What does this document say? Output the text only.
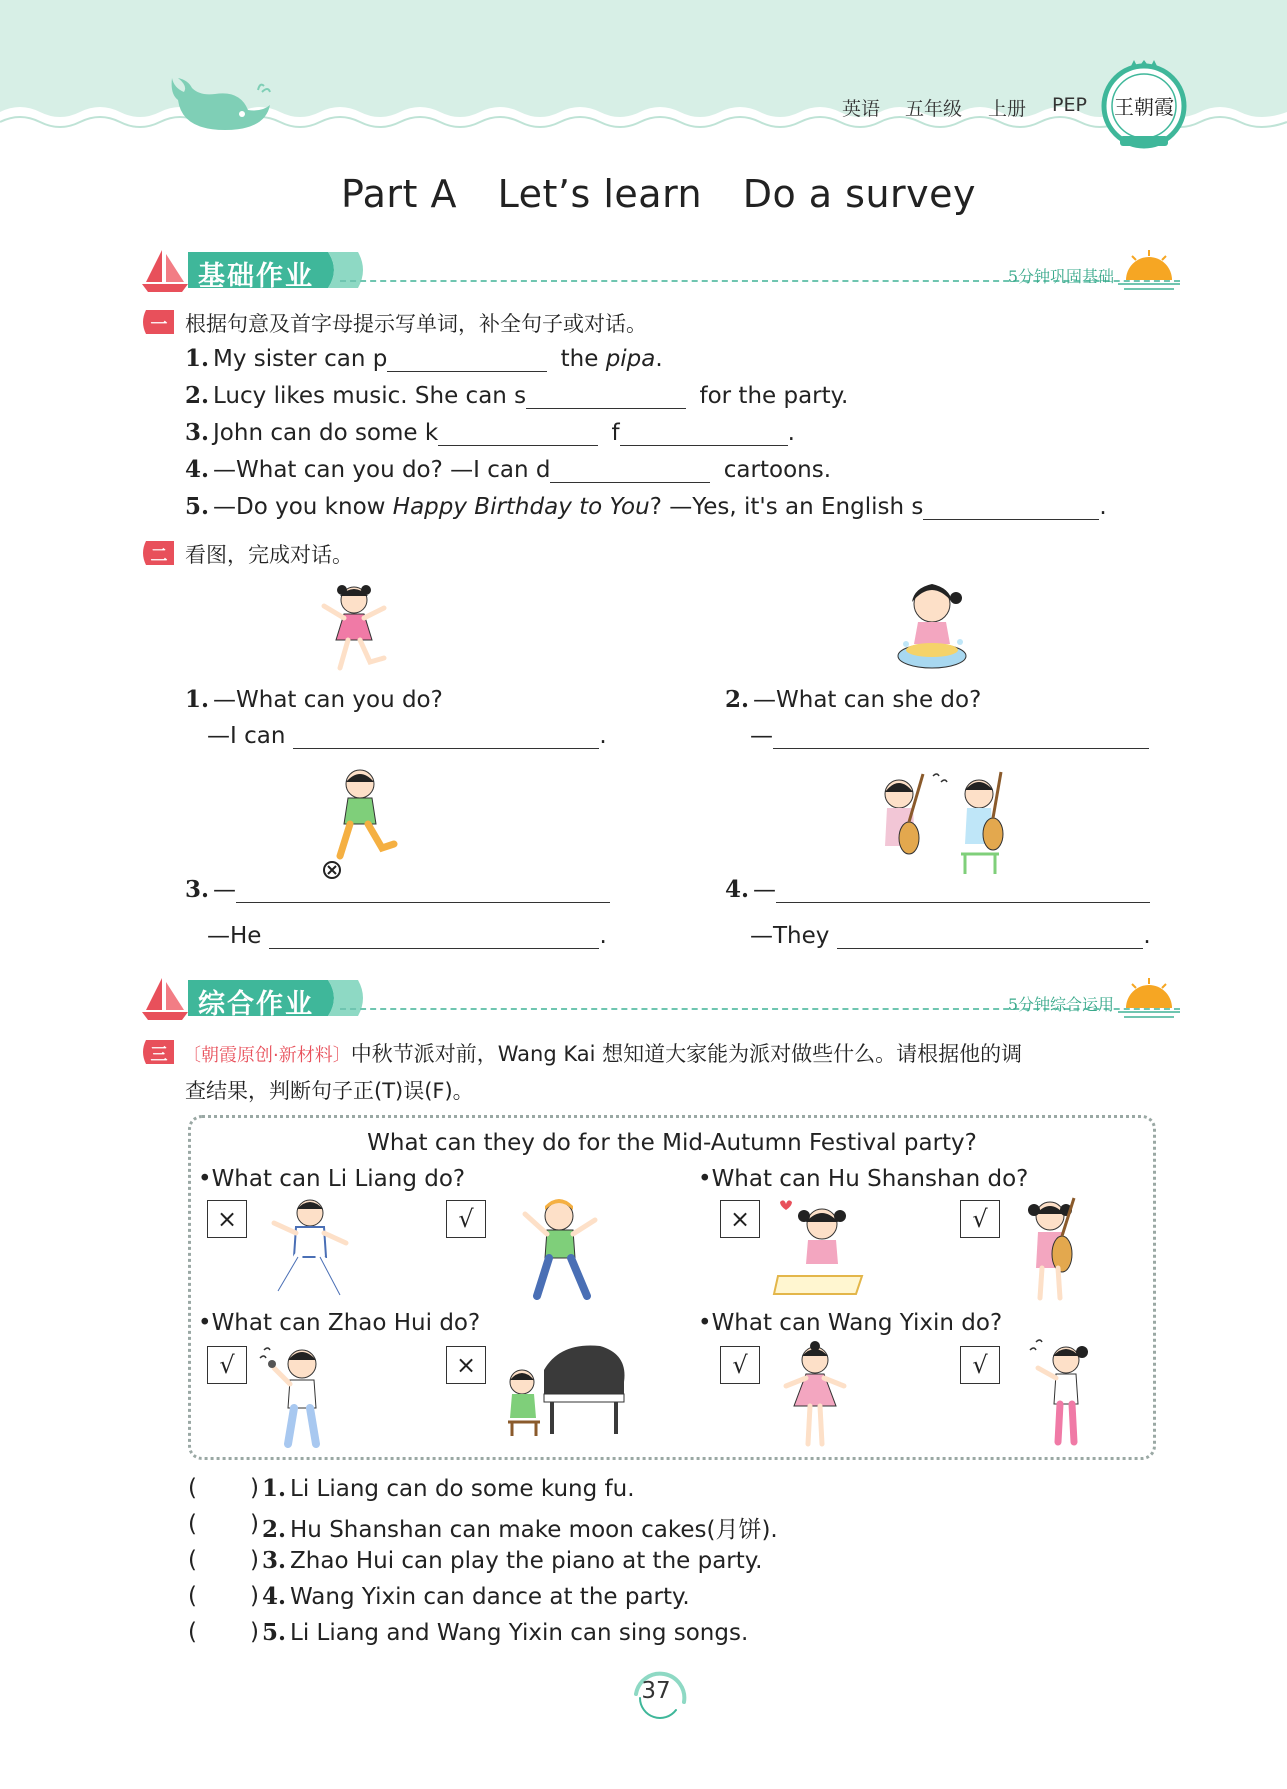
英语 五年级 上册 PEP 王朝霞
Part A Let’s learn Do a survey
基础作业	5分钟巩固基础
一 根据句意及首字母提示写单词，补全句子或对话。
1. My sister can p	the pipa.
2. Lucy likes music. She can s	for the party.
3. John can do some k	f	.
4. —What can you do? —I can d	cartoons.
5. —Do you know Happy Birthday to You? —Yes, it's an English s	.
二 看图，完成对话。
1. —What can you do?
—I can	.
2. —What can she do?
—
3. —
—He	.
4. —
—They	.
综合作业	5分钟综合运用
三 〔朝霞原创·新材料〕中秋节派对前，Wang Kai 想知道大家能为派对做些什么。请根据他的调
查结果，判断句子正(T)误(F)。
What can they do for the Mid-Autumn Festival party?
•What can Li Liang do?
×	√
•What can Hu Shanshan do?
×	√
•What can Zhao Hui do?
√	×
•What can Wang Yixin do?
√	√
( ) 1. Li Liang can do some kung fu.
( ) 2. Hu Shanshan can make moon cakes(月饼).
( ) 3. Zhao Hui can play the piano at the party.
( ) 4. Wang Yixin can dance at the party.
( ) 5. Li Liang and Wang Yixin can sing songs.
37
